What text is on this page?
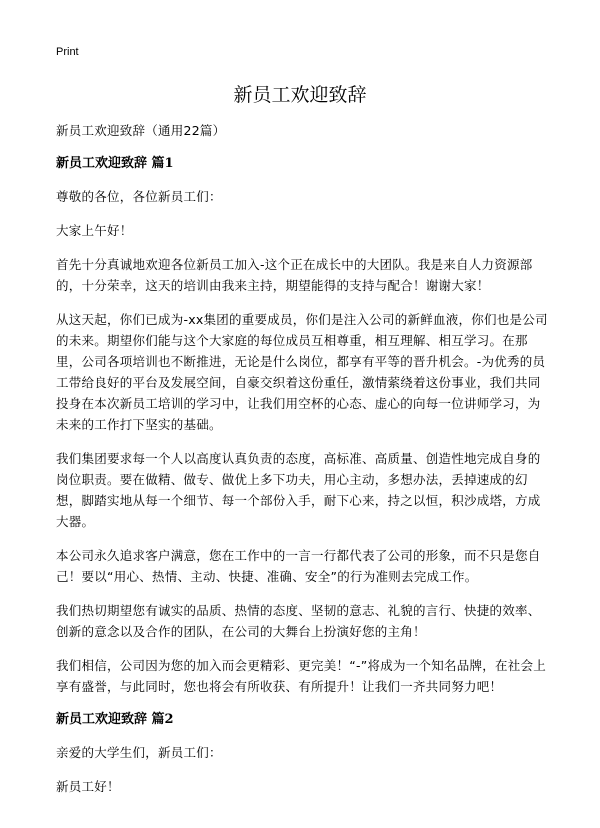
Print
新员工欢迎致辞

新员工欢迎致辞（通用22篇）

新员工欢迎致辞 篇1

尊敬的各位，各位新员工们：

大家上午好！

首先十分真诚地欢迎各位新员工加入-这个正在成长中的大团队。我是来自人力资源部的，十分荣幸，这天的培训由我来主持，期望能得的支持与配合！谢谢大家！

从这天起，你们已成为-xx集团的重要成员，你们是注入公司的新鲜血液，你们也是公司的未来。期望你们能与这个大家庭的每位成员互相尊重，相互理解、相互学习。在那里，公司各项培训也不断推进，无论是什么岗位，都享有平等的晋升机会。-为优秀的员工带给良好的平台及发展空间，自豪交织着这份重任，激情萦绕着这份事业，我们共同投身在本次新员工培训的学习中，让我们用空杯的心态、虚心的向每一位讲师学习，为未来的工作打下坚实的基础。

我们集团要求每一个人以高度认真负责的态度，高标准、高质量、创造性地完成自身的岗位职责。要在做精、做专、做优上多下功夫，用心主动，多想办法，丢掉速成的幻想，脚踏实地从每一个细节、每一个部份入手，耐下心来，持之以恒，积沙成塔，方成大器。

本公司永久追求客户满意，您在工作中的一言一行都代表了公司的形象，而不只是您自己！要以“用心、热情、主动、快捷、准确、安全”的行为准则去完成工作。

我们热切期望您有诚实的品质、热情的态度、坚韧的意志、礼貌的言行、快捷的效率、创新的意念以及合作的团队，在公司的大舞台上扮演好您的主角！

我们相信，公司因为您的加入而会更精彩、更完美！“-”将成为一个知名品牌，在社会上享有盛誉，与此同时，您也将会有所收获、有所提升！让我们一齐共同努力吧！

新员工欢迎致辞 篇2

亲爱的大学生们，新员工们：

新员工好！
